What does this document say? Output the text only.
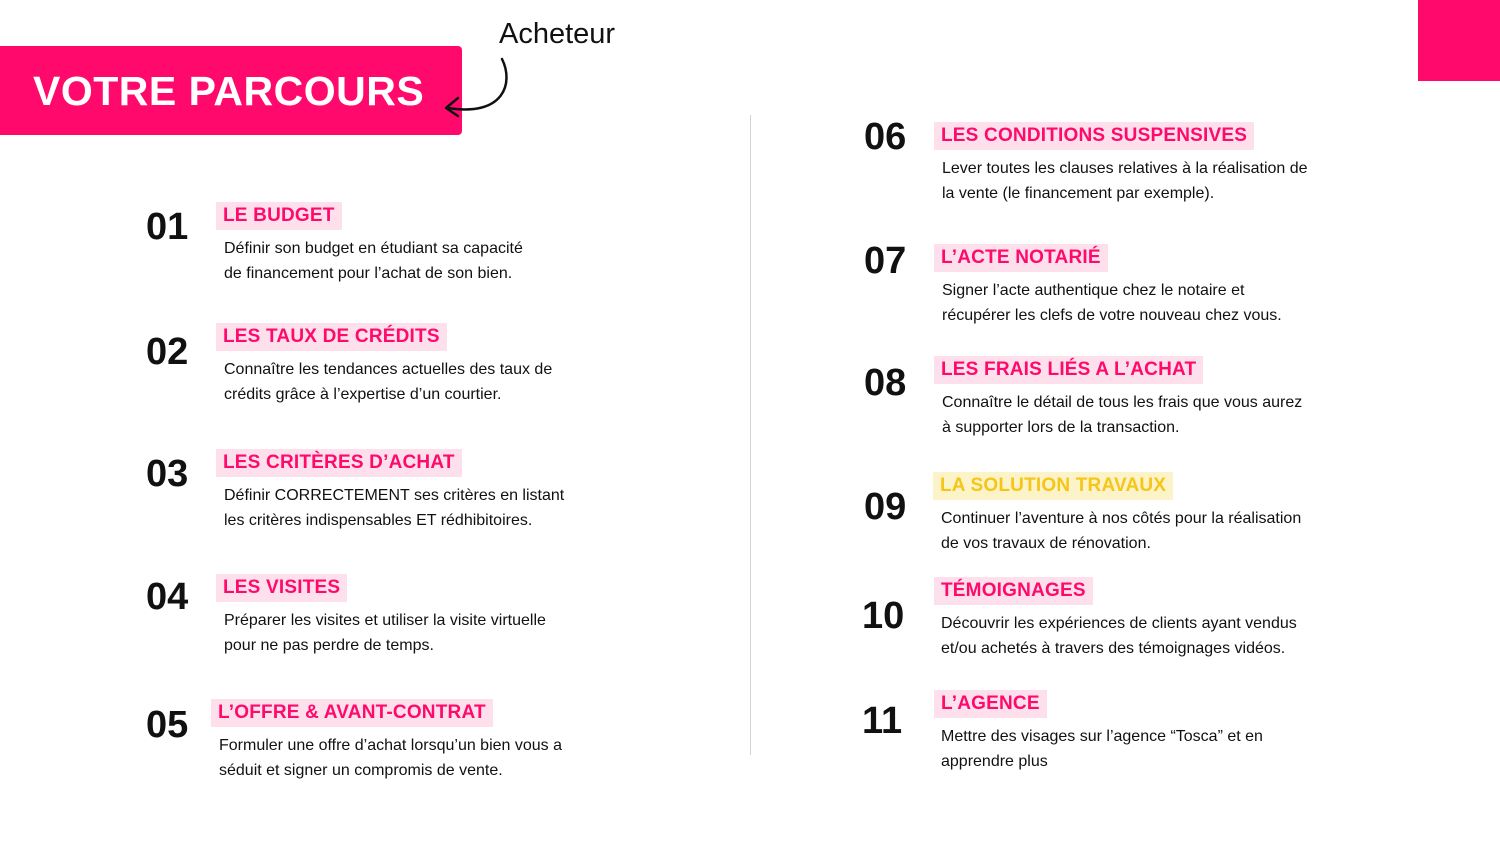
VOTRE PARCOURS
Acheteur
01	LE BUDGET
Définir son budget en étudiant sa capacité
de financement pour l’achat de son bien.
02	LES TAUX DE CRÉDITS
Connaître les tendances actuelles des taux de
crédits grâce à l’expertise d’un courtier.
03	LES CRITÈRES D’ACHAT
Définir CORRECTEMENT ses critères en listant
les critères indispensables ET rédhibitoires.
04	LES VISITES
Préparer les visites et utiliser la visite virtuelle
pour ne pas perdre de temps.
05	L’OFFRE & AVANT-CONTRAT
Formuler une offre d’achat lorsqu’un bien vous a
séduit et signer un compromis de vente.
06	LES CONDITIONS SUSPENSIVES
Lever toutes les clauses relatives à la réalisation de
la vente (le financement par exemple).
07	L’ACTE NOTARIÉ
Signer l’acte authentique chez le notaire et
récupérer les clefs de votre nouveau chez vous.
08	LES FRAIS LIÉS A L’ACHAT
Connaître le détail de tous les frais que vous aurez
à supporter lors de la transaction.
09
LA SOLUTION TRAVAUX
Continuer l’aventure à nos côtés pour la réalisation
de vos travaux de rénovation.
10
TÉMOIGNAGES
Découvrir les expériences de clients ayant vendus
et/ou achetés à travers des témoignages vidéos.
11	L’AGENCE
Mettre des visages sur l’agence “Tosca” et en
apprendre plus
